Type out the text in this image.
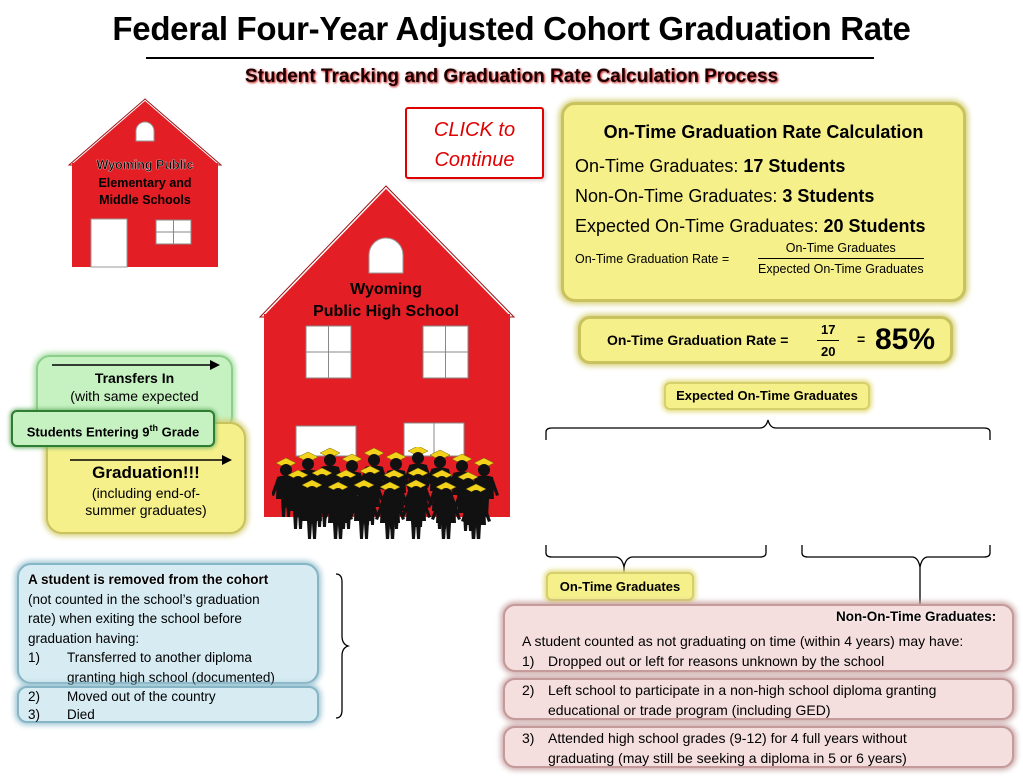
Federal Four-Year Adjusted Cohort Graduation Rate
Student Tracking and Graduation Rate Calculation Process
Wyoming Public
Elementary and
Middle Schools
Wyoming
Public High School
CLICK to
Continue
On-Time Graduation Rate Calculation
On-Time Graduates: 17 Students
Non-On-Time Graduates: 3 Students
Expected On-Time Graduates: 20 Students
On-Time Graduation Rate =
On-Time Graduates
Expected On-Time Graduates
On-Time Graduation Rate = $\frac{17}{20} = 85\%$
Expected On-Time Graduates
On-Time Graduates
Transfers In
(with same expected
Graduation!!!
(including end-of-
summer graduates)
Students Entering 9th Grade
A student is removed from the cohort
(not counted in the school’s graduation
rate) when exiting the school before
graduation having:
1) Transferred to another diploma
granting high school (documented)
2) Moved out of the country
3) Died
A student counted as not graduating on time (within 4 years) may have:
1) Dropped out or left for reasons unknown by the school
Non-On-Time Graduates:
2) Left school to participate in a non-high school diploma granting
educational or trade program (including GED)
3) Attended high school grades (9-12) for 4 full years without
graduating (may still be seeking a diploma in 5 or 6 years)
